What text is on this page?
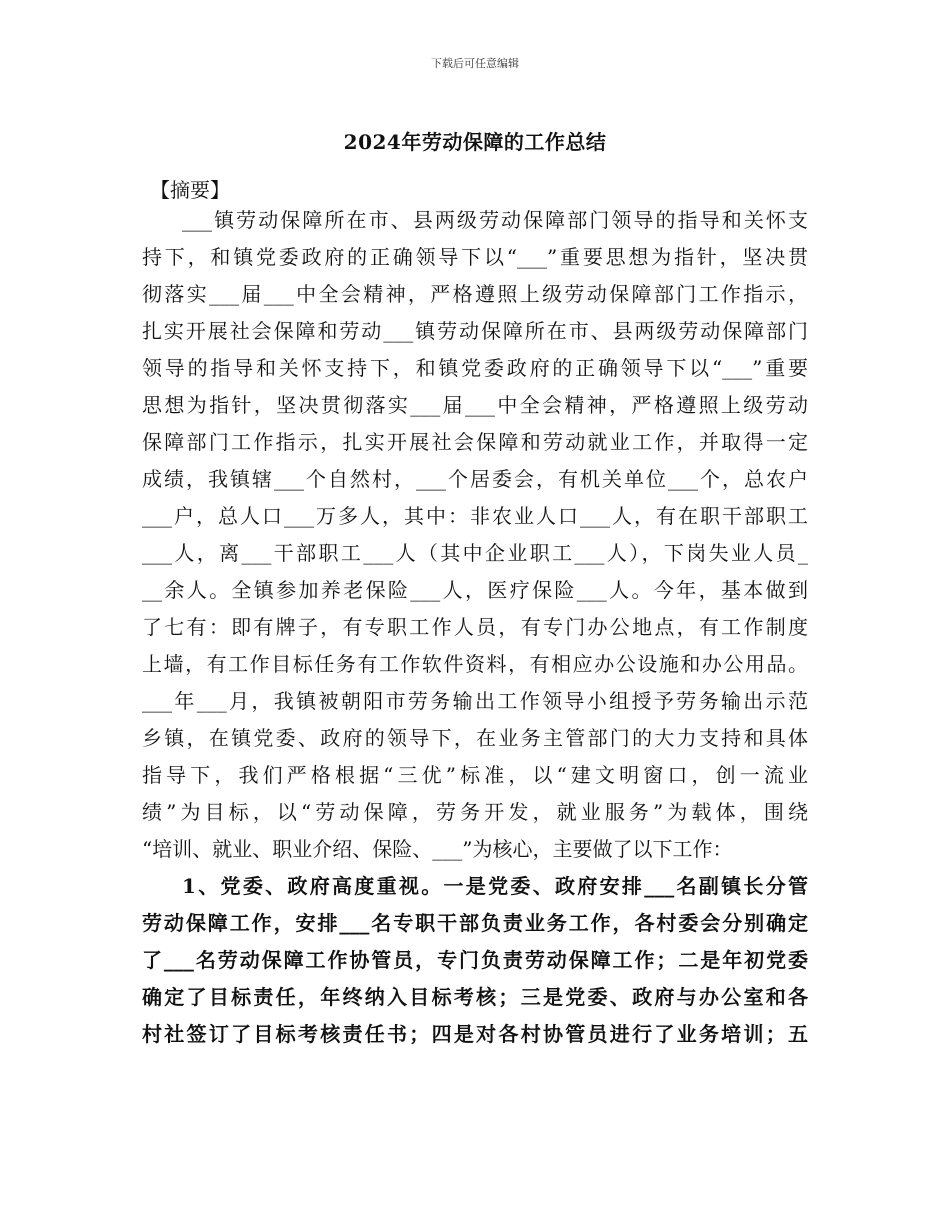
下载后可任意编辑
2024年劳动保障的工作总结
【摘要】
___镇劳动保障所在市、县两级劳动保障部门领导的指导和关怀支
持下，和镇党委政府的正确领导下以“___”重要思想为指针，坚决贯
彻落实___届___中全会精神，严格遵照上级劳动保障部门工作指示，
扎实开展社会保障和劳动___镇劳动保障所在市、县两级劳动保障部门
领导的指导和关怀支持下，和镇党委政府的正确领导下以“___”重要
思想为指针，坚决贯彻落实___届___中全会精神，严格遵照上级劳动
保障部门工作指示，扎实开展社会保障和劳动就业工作，并取得一定
成绩，我镇辖___个自然村，___个居委会，有机关单位___个，总农户
___户，总人口___万多人，其中：非农业人口___人，有在职干部职工
___人，离___干部职工___人（其中企业职工___人），下岗失业人员_
__余人。全镇参加养老保险___人，医疗保险___人。今年，基本做到
了七有：即有牌子，有专职工作人员，有专门办公地点，有工作制度
上墙，有工作目标任务有工作软件资料，有相应办公设施和办公用品。
___年___月，我镇被朝阳市劳务输出工作领导小组授予劳务输出示范
乡镇，在镇党委、政府的领导下，在业务主管部门的大力支持和具体
指导下，我们严格根据“三优”标准，以“建文明窗口，创一流业
绩”为目标，以“劳动保障，劳务开发，就业服务”为载体，围绕
“培训、就业、职业介绍、保险、___”为核心，主要做了以下工作：
1、党委、政府高度重视。一是党委、政府安排___名副镇长分管
劳动保障工作，安排___名专职干部负责业务工作，各村委会分别确定
了___名劳动保障工作协管员，专门负责劳动保障工作；二是年初党委
确定了目标责任，年终纳入目标考核；三是党委、政府与办公室和各
村社签订了目标考核责任书；四是对各村协管员进行了业务培训；五
